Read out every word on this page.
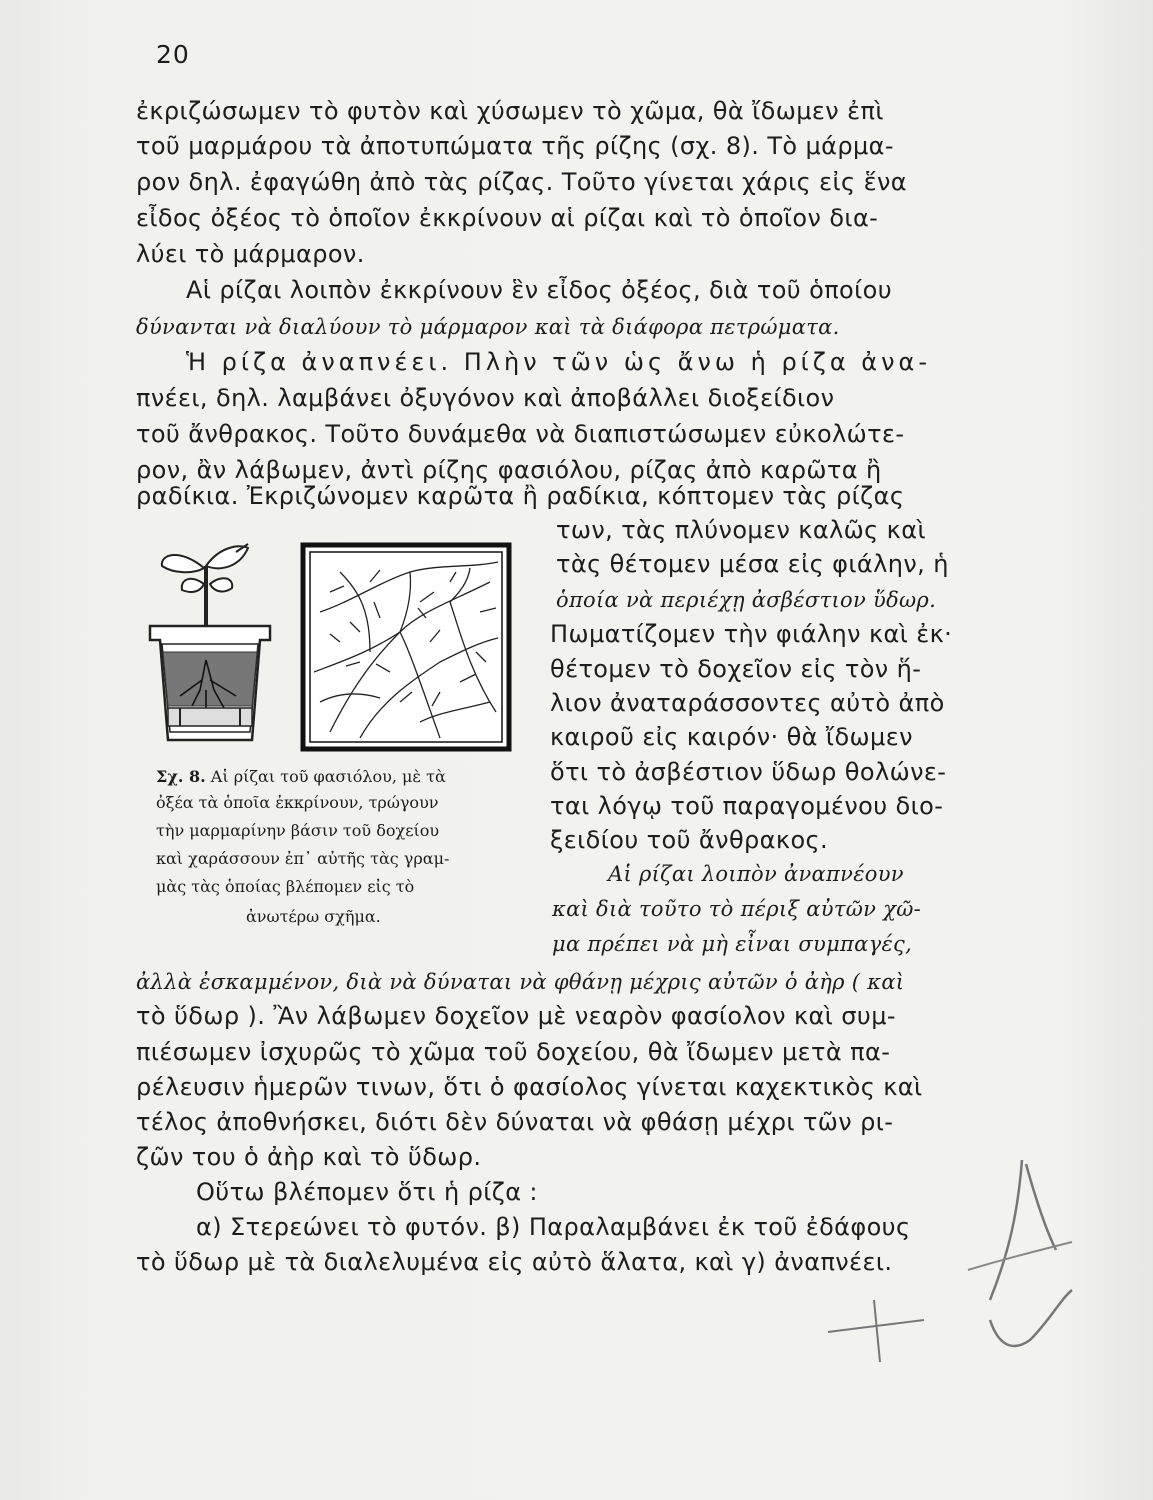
20
ἐκριζώσωμεν τὸ φυτὸν καὶ χύσωμεν τὸ χῶμα, θὰ ἴδωμεν ἐπὶ
τοῦ μαρμάρου τὰ ἀποτυπώματα τῆς ρίζης (σχ. 8). Τὸ μάρμα-
ρον δηλ. ἐφαγώθη ἀπὸ τὰς ρίζας. Τοῦτο γίνεται χάρις εἰς ἕνα
εἶδος ὀξέος τὸ ὁποῖον ἐκκρίνουν αἱ ρίζαι καὶ τὸ ὁποῖον δια-
λύει τὸ μάρμαρον.
Αἱ ρίζαι λοιπὸν ἐκκρίνουν ἓν εἶδος ὀξέος, διὰ τοῦ ὁποίου
δύνανται νὰ διαλύουν τὸ μάρμαρον καὶ τὰ διάφορα πετρώματα.
Ἡ ρίζα ἀναπνέει. Πλὴν τῶν ὡς ἄνω ἡ ρίζα ἀνα-
πνέει, δηλ. λαμβάνει ὀξυγόνον καὶ ἀποβάλλει διοξείδιον
τοῦ ἄνθρακος. Τοῦτο δυνάμεθα νὰ διαπιστώσωμεν εὐκολώτε-
ρον, ἂν λάβωμεν, ἀντὶ ρίζης φασιόλου, ρίζας ἀπὸ καρῶτα ἢ
ραδίκια. Ἐκριζώνομεν καρῶτα ἢ ραδίκια, κόπτομεν τὰς ρίζας
των, τὰς πλύνομεν καλῶς καὶ
τὰς θέτομεν μέσα εἰς φιάλην, ἡ
ὁποία νὰ περιέχῃ ἀσβέστιον ὕδωρ.
Πωματίζομεν τὴν φιάλην καὶ ἐκ·
θέτομεν τὸ δοχεῖον εἰς τὸν ἥ-
λιον ἀναταράσσοντες αὐτὸ ἀπὸ
καιροῦ εἰς καιρόν· θὰ ἴδωμεν
ὅτι τὸ ἀσβέστιον ὕδωρ θολώνε-
ται λόγῳ τοῦ παραγομένου διο-
ξειδίου τοῦ ἄνθρακος.
Αἱ ρίζαι λοιπὸν ἀναπνέουν
καὶ διὰ τοῦτο τὸ πέριξ αὐτῶν χῶ-
μα πρέπει νὰ μὴ εἶναι συμπαγές,
Σχ. 8. Αἱ ρίζαι τοῦ φασιόλου, μὲ τὰ
ὀξέα τὰ ὁποῖα ἐκκρίνουν, τρώγουν
τὴν μαρμαρίνην βάσιν τοῦ δοχείου
καὶ χαράσσουν ἐπ᾽ αὐτῆς τὰς γραμ-
μὰς τὰς ὁποίας βλέπομεν εἰς τὸ
ἀνωτέρω σχῆμα.
ἀλλὰ ἐσκαμμένον, διὰ νὰ δύναται νὰ φθάνῃ μέχρις αὐτῶν ὁ ἀὴρ ( καὶ
τὸ ὕδωρ ). Ἂν λάβωμεν δοχεῖον μὲ νεαρὸν φασίολον καὶ συμ-
πιέσωμεν ἰσχυρῶς τὸ χῶμα τοῦ δοχείου, θὰ ἴδωμεν μετὰ πα-
ρέλευσιν ἡμερῶν τινων, ὅτι ὁ φασίολος γίνεται καχεκτικὸς καὶ
τέλος ἀποθνήσκει, διότι δὲν δύναται νὰ φθάσῃ μέχρι τῶν ρι-
ζῶν του ὁ ἀὴρ καὶ τὸ ὕδωρ.
Οὕτω βλέπομεν ὅτι ἡ ρίζα :
α) Στερεώνει τὸ φυτόν. β) Παραλαμβάνει ἐκ τοῦ ἐδάφους
τὸ ὕδωρ μὲ τὰ διαλελυμένα εἰς αὐτὸ ἅλατα, καὶ γ) ἀναπνέει.
